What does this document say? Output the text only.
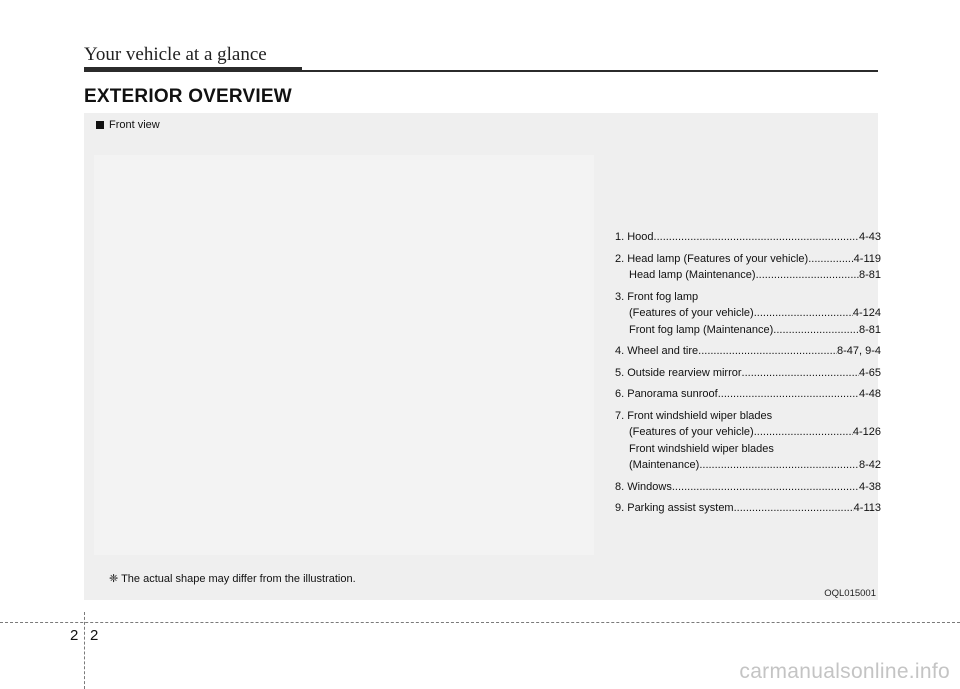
Your vehicle at a glance
EXTERIOR OVERVIEW
Front view
1. Hood .....	4-43
2. Head lamp (Features of your vehicle) .....	4-119
Head lamp (Maintenance) .....	8-81
3. Front fog lamp
(Features of your vehicle) .....	4-124
Front fog lamp (Maintenance) .....	8-81
4. Wheel and tire .....	8-47, 9-4
5. Outside rearview mirror .....	4-65
6. Panorama sunroof .....	4-48
7. Front windshield wiper blades
(Features of your vehicle) .....	4-126
Front windshield wiper blades
(Maintenance) .....	8-42
8. Windows .....	4-38
9. Parking assist system .....	4-113
❈ The actual shape may differ from the illustration.
OQL015001
2 2
carmanualsonline.info
